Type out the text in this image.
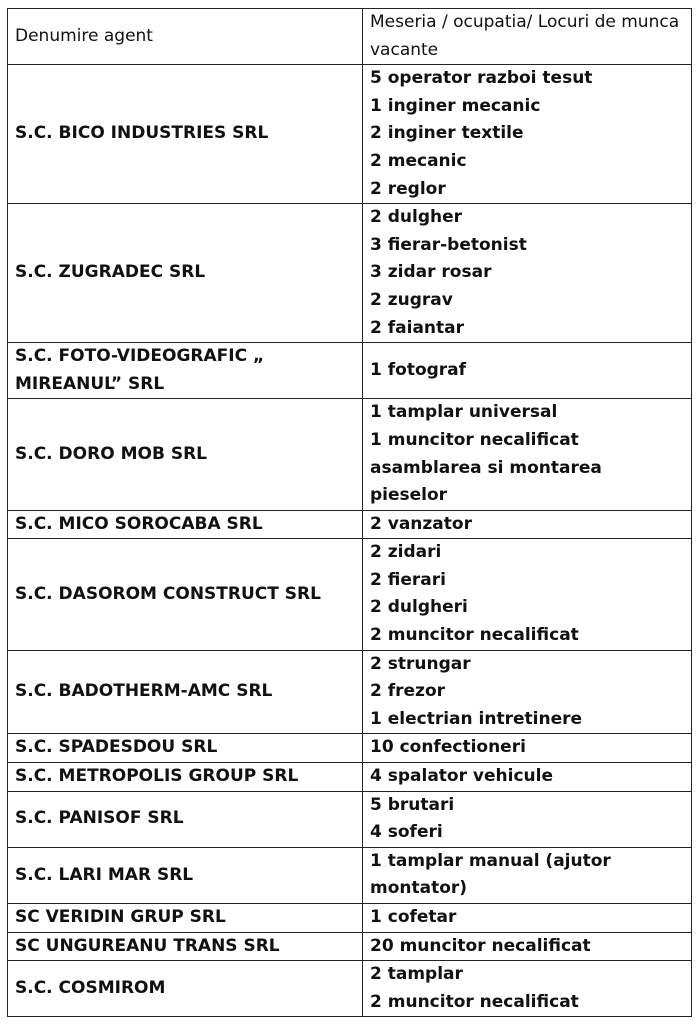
Denumire agent	Meseria / ocupatia/ Locuri de munca vacante

S.C. BICO INDUSTRIES SRL	5 operator razboi tesut
1 inginer mecanic
2 inginer textile
2 mecanic
2 reglor

S.C. ZUGRADEC SRL	2 dulgher
3 fierar-betonist
3 zidar rosar
2 zugrav
2 faiantar

S.C. FOTO-VIDEOGRAFIC „ MIREANUL” SRL	1 fotograf

S.C. DORO MOB SRL	1 tamplar universal
1 muncitor necalificat asamblarea si montarea pieselor

S.C. MICO SOROCABA SRL	2 vanzator

S.C. DASOROM CONSTRUCT SRL	2 zidari
2 fierari
2 dulgheri
2 muncitor necalificat

S.C. BADOTHERM-AMC SRL	2 strungar
2 frezor
1 electrian intretinere

S.C. SPADESDOU SRL	10 confectioneri

S.C. METROPOLIS GROUP SRL	4 spalator vehicule

S.C. PANISOF SRL	5 brutari
4 soferi

S.C. LARI MAR SRL	1 tamplar manual (ajutor montator)

SC VERIDIN GRUP SRL	1 cofetar

SC UNGUREANU TRANS SRL	20 muncitor necalificat

S.C. COSMIROM	2 tamplar
2 muncitor necalificat
